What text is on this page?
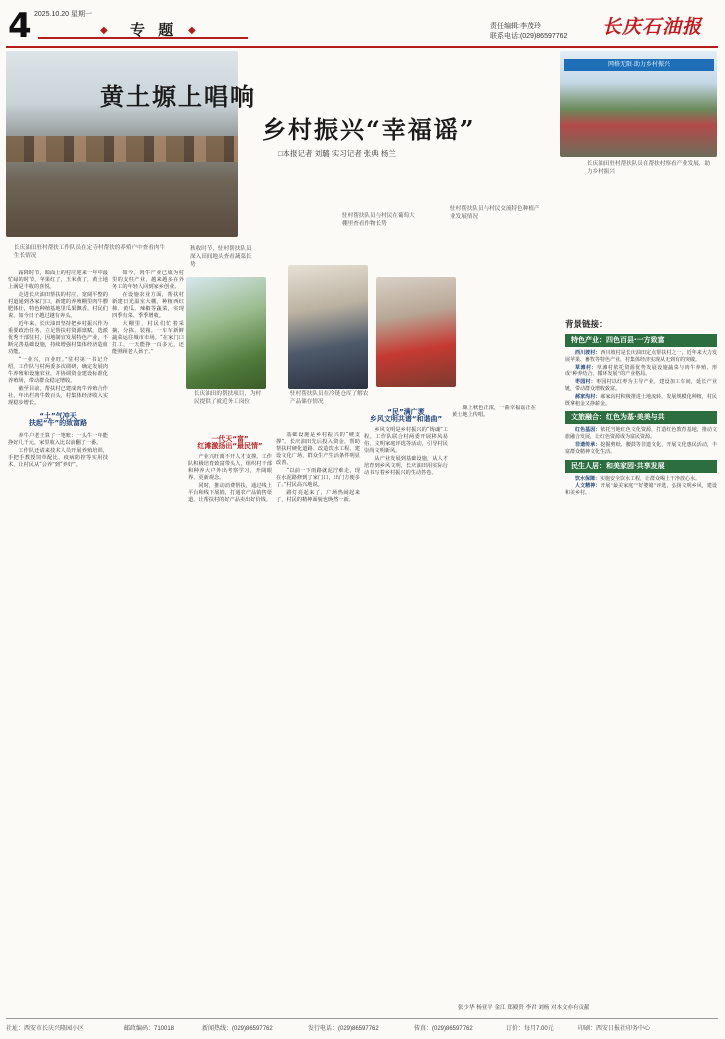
4 2025.10.20 星期一
◆ 专 题 ◆	责任编辑:李茂玲
联系电话:(029)86597762 长庆石油报
网格无限·助力乡村振兴
黄土塬上唱响
乡村振兴“幸福谣”
□本报记者 刘璐 实习记者 张典 杨兰
长庆油田驻村帮扶工作队员在定寺村帮扶的养殖户中查看肉牛生长情况
驻村帮扶队员与村民在葡萄大棚里查看作物长势
长庆油田驻村帮扶队员在帮扶村察看产业发展，助力乡村振兴
驻村帮扶队员与村民交流特色种植产业发展情况
秋收时节，驻村帮扶队员深入田间地头查看蔬菜长势
长庆油田的帮扶项目，为村民提供了就近务工岗位
驻村帮扶队员在冷链仓库了解农产品储存情况

霜降时节，塬面上的村庄迎来一年中最忙碌的时节。苹果红了，玉米黄了，黄土地上满是丰收的喜悦。

走进长庆油田帮扶的村庄，宽阔平整的村道通到各家门口，新建的养殖棚里肉牛膘肥体壮，特色种植基地里瓜果飘香。村民们说，如今日子越过越有奔头。

近年来，长庆油田坚持把乡村振兴作为重要政治任务，立足帮扶村资源禀赋，选派优秀干部驻村，因地制宜发展特色产业，不断完善基础设施，持续增强村集体经济造血功能。

“一业兴，百业旺。”驻村第一书记介绍，工作队与村两委多次调研，确定发展肉牛养殖和设施农业，并协调资金建设标准化养殖场，带动群众稳定增收。

截至目前，帮扶村已建成肉牛养殖合作社，年出栏肉牛数百头，村集体经济收入实现稳步增长。

“土”气冲天
扶起“牛”的致富路

养牛户老王算了一笔账：一头牛一年能挣好几千元，家里收入比以前翻了一番。

工作队还请来技术人员开展养殖培训，手把手教授饲草配比、疫病防控等实用技术，让村民从“会养”到“养好”。

如今，肉牛产业已成为村里的支柱产业，越来越多在外务工的年轻人回到家乡创业。

在设施农业方面，帮扶村新建日光温室大棚，种植西红柿、黄瓜、辣椒等蔬菜，实现四季有菜、季季增收。

大棚里，村民们忙着采摘、分拣、装箱，一车车新鲜蔬菜运往城市市场。“在家门口打工，一天能挣一百多元，还能照顾老人孩子。”

一代天“富”
红滩激扬出“最民情”

产业兴旺离不开人才支撑。工作队积极培育致富带头人，组织村干部和种养大户外出考察学习，开阔眼界、更新观念。

同时，推动消费帮扶，通过线上平台和线下展销，打通农产品销售渠道，让帮扶村的好产品卖出好价钱。

基础设施是乡村振兴的“硬支撑”。长庆油田先后投入资金，帮助帮扶村硬化道路、改造饮水工程、建设文化广场，群众生产生活条件明显改善。

“以前一下雨路就泥泞难走，现在水泥路修到了家门口，出门方便多了。”村民高兴地说。

路灯亮起来了，广场热闹起来了，村民的精神面貌也焕然一新。

“民”满广袤
乡风文明共谱“和谐曲”

乡风文明是乡村振兴的“铸魂”工程。工作队联合村两委开展移风易俗、文明家庭评选等活动，引导村民崇尚文明新风。

从产业发展到基础设施，从人才培育到乡风文明，长庆油田用实际行动书写着乡村振兴的生动答卷。

塬上秋色正浓，一曲幸福谣正在黄土地上传唱。

张少华 杨亚平 金江 郑殿贵 李君 刘杨 对本文亦有贡献
背景链接：
特色产业：四色百县·一方致富

西川坡村：西川坡村是长庆油田定点帮扶村之一，近年来大力发展苹果、畜牧等特色产业，村集体经济实现从无到有的突破。

草滩村：草滩村依托资源优势发展设施蔬菜与肉牛养殖，形成“种养结合、循环发展”的产业格局。

枣园村：枣园村以红枣为主导产业，建设加工车间，延长产业链，带动群众增收致富。

郝家沟村：郝家沟村积极推进土地流转，发展规模化种植，村民既拿租金又挣薪金。

文旅融合：红色为基·美美与共

红色基因：依托当地红色文化资源，打造红色教育基地，推动文旅融合发展，让红色资源成为富民资源。

非遗传承：挖掘剪纸、腰鼓等非遗文化，开展文化惠民活动，丰富群众精神文化生活。

民生人居：和美家园·共享发展

饮水保障：实施安全饮水工程，让群众喝上干净放心水。

人文精神：开展“最美家庭”“好婆媳”评选，弘扬文明乡风，建设和美乡村。

社址：西安市长庆兴隆园小区	邮政编码：710018	新闻热线：(029)86597762	发行电话：(029)86597762	传真：(029)86597762	订价：每月7.00元	印刷：西安日报社印务中心
